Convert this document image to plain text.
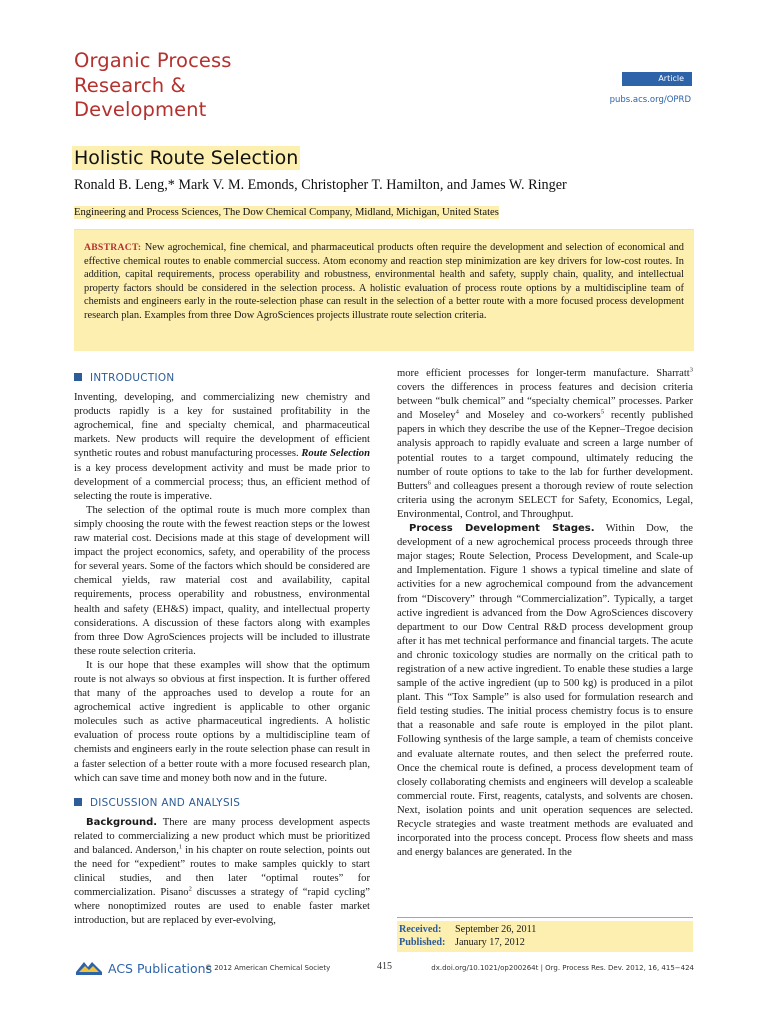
Organic Process
Research &
Development
Article
pubs.acs.org/OPRD
Holistic Route Selection
Ronald B. Leng,* Mark V. M. Emonds, Christopher T. Hamilton, and James W. Ringer
Engineering and Process Sciences, The Dow Chemical Company, Midland, Michigan, United States
ABSTRACT: New agrochemical, fine chemical, and pharmaceutical products often require the development and selection of economical and effective chemical routes to enable commercial success. Atom economy and reaction step minimization are key drivers for low-cost routes. In addition, capital requirements, process operability and robustness, environmental health and safety, supply chain, quality, and intellectual property factors should be considered in the selection process. A holistic evaluation of process route options by a multidiscipline team of chemists and engineers early in the route-selection phase can result in the selection of a better route with a more focused process development research plan. Examples from three Dow AgroSciences projects illustrate route selection criteria.
INTRODUCTION

Inventing, developing, and commercializing new chemistry and products rapidly is a key for sustained profitability in the agrochemical, fine and specialty chemical, and pharmaceutical markets. New products will require the development of efficient synthetic routes and robust manufacturing processes. Route Selection is a key process development activity and must be made prior to development of a commercial process; thus, an efficient method of selecting the route is imperative.

The selection of the optimal route is much more complex than simply choosing the route with the fewest reaction steps or the lowest raw material cost. Decisions made at this stage of development will impact the project economics, safety, and operability of the process for several years. Some of the factors which should be considered are chemical yields, raw material cost and availability, capital requirements, process operability and robustness, environmental health and safety (EH&S) impact, quality, and intellectual property considerations. A discussion of these factors along with examples from three Dow AgroSciences projects will be included to illustrate these route selection criteria.

It is our hope that these examples will show that the optimum route is not always so obvious at first inspection. It is further offered that many of the approaches used to develop a route for an agrochemical active ingredient is applicable to other organic molecules such as active pharmaceutical ingredients. A holistic evaluation of process route options by a multidiscipline team of chemists and engineers early in the route selection phase can result in a faster selection of a better route with a more focused research plan, which can save time and money both now and in the future.

DISCUSSION AND ANALYSIS

Background. There are many process development aspects related to commercializing a new product which must be prioritized and balanced. Anderson,$^1$ in his chapter on route selection, points out the need for “expedient” routes to make samples quickly to start clinical studies, and then later “optimal routes” for commercialization. Pisano$^2$ discusses a strategy of “rapid cycling” where nonoptimized routes are used to enable faster market introduction, but are replaced by ever-evolving,

more efficient processes for longer-term manufacture. Sharratt$^3$ covers the differences in process features and decision criteria between “bulk chemical” and “specialty chemical” processes. Parker and Moseley$^4$ and Moseley and co-workers$^5$ recently published papers in which they describe the use of the Kepner–Tregoe decision analysis approach to rapidly evaluate and screen a large number of potential routes to a target compound, ultimately reducing the number of route options to take to the lab for further development. Butters$^6$ and colleagues present a thorough review of route selection criteria using the acronym SELECT for Safety, Economics, Legal, Environmental, Control, and Throughput.

Process Development Stages. Within Dow, the development of a new agrochemical process proceeds through three major stages; Route Selection, Process Development, and Scale-up and Implementation. Figure 1 shows a typical timeline and slate of activities for a new agrochemical compound from the advancement from “Discovery” through “Commercialization”. Typically, a target active ingredient is advanced from the Dow AgroSciences discovery department to our Dow Central R&D process development group after it has met technical performance and financial targets. The acute and chronic toxicology studies are normally on the critical path to registration of a new active ingredient. To enable these studies a large sample of the active ingredient (up to 500 kg) is produced in a pilot plant. This “Tox Sample” is also used for formulation research and field testing studies. The initial process chemistry focus is to ensure that a reasonable and safe route is employed in the pilot plant. Following synthesis of the large sample, a team of chemists conceive and evaluate alternate routes, and then select the preferred route. Once the chemical route is defined, a process development team of closely collaborating chemists and engineers will develop a scaleable commercial route. First, reagents, catalysts, and solvents are chosen. Next, isolation points and unit operation sequences are selected. Recycle strategies and waste treatment methods are evaluated and incorporated into the process concept. Process flow sheets and mass and energy balances are generated. In the

Received:	September 26, 2011
Published: January 17, 2012
ACS Publications
© 2012 American Chemical Society	415	dx.doi.org/10.1021/op200264t | Org. Process Res. Dev. 2012, 16, 415−424
